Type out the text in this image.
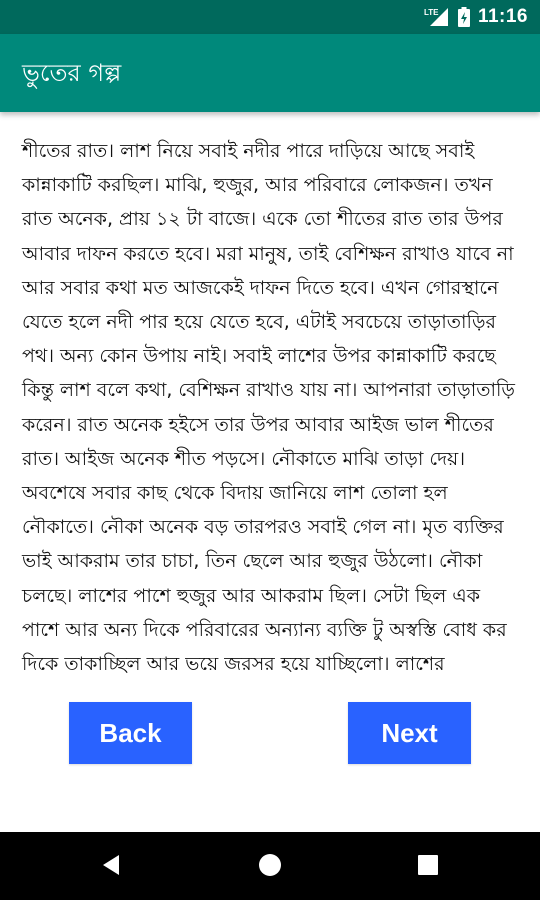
LTE 11:16
ভুতের গল্প

শীতের রাত। লাশ নিয়ে সবাই নদীর পারে দাড়িয়ে আছে সবাই কান্নাকাটি করছিল। মাঝি, হুজুর, আর পরিবারে লোকজন। তখন রাত অনেক, প্রায় ১২ টা বাজে। একে তো শীতের রাত তার উপর আবার দাফন করতে হবে। মরা মানুষ, তাই বেশিক্ষন রাখাও যাবে না আর সবার কথা মত আজকেই দাফন দিতে হবে। এখন গোরস্থানে যেতে হলে নদী পার হয়ে যেতে হবে, এটাই সবচেয়ে তাড়াতাড়ির পথ। অন্য কোন উপায় নাই। সবাই লাশের উপর কান্নাকাটি করছে কিন্তু লাশ বলে কথা, বেশিক্ষন রাখাও যায় না। আপনারা তাড়াতাড়ি করেন। রাত অনেক হইসে তার উপর আবার আইজ ভাল শীতের রাত। আইজ অনেক শীত পড়সে। নৌকাতে মাঝি তাড়া দেয়। অবশেষে সবার কাছ থেকে বিদায় জানিয়ে লাশ তোলা হল নৌকাতে। নৌকা অনেক বড় তারপরও সবাই গেল না। মৃত ব্যক্তির ভাই আকরাম তার চাচা, তিন ছেলে আর হুজুর উঠলো। নৌকা চলছে। লাশের পাশে হুজুর আর আকরাম ছিল। সেটা ছিল এক পাশে আর অন্য দিকে পরিবারের অন্যান্য ব্যক্তি টু অস্বস্তি বোধ কর দিকে তাকাচ্ছিল আর ভয়ে জরসর হয়ে যাচ্ছিলো। লাশের

Back	Next
